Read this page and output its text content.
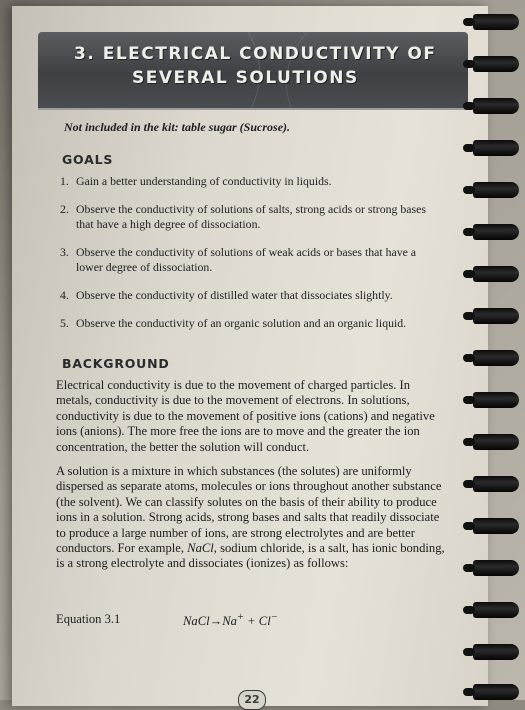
3. ELECTRICAL CONDUCTIVITY OF
SEVERAL SOLUTIONS
Not included in the kit: table sugar (Sucrose).
GOALS
1. Gain a better understanding of conductivity in liquids.
2. Observe the conductivity of solutions of salts, strong acids or strong bases that have a high degree of dissociation.
3. Observe the conductivity of solutions of weak acids or bases that have a lower degree of dissociation.
4. Observe the conductivity of distilled water that dissociates slightly.
5. Observe the conductivity of an organic solution and an organic liquid.
BACKGROUND
Electrical conductivity is due to the movement of charged particles. In metals, conductivity is due to the movement of electrons. In solutions, conductivity is due to the movement of positive ions (cations) and negative ions (anions). The more free the ions are to move and the greater the ion concentration, the better the solution will conduct.
A solution is a mixture in which substances (the solutes) are uniformly dispersed as separate atoms, molecules or ions throughout another substance (the solvent). We can classify solutes on the basis of their ability to produce ions in a solution. Strong acids, strong bases and salts that readily dissociate to produce a large number of ions, are strong electrolytes and are better conductors. For example, NaCl, sodium chloride, is a salt, has ionic bonding, is a strong electrolyte and dissociates (ionizes) as follows:
Equation 3.1	NaCl→Na+ + Cl−
22
